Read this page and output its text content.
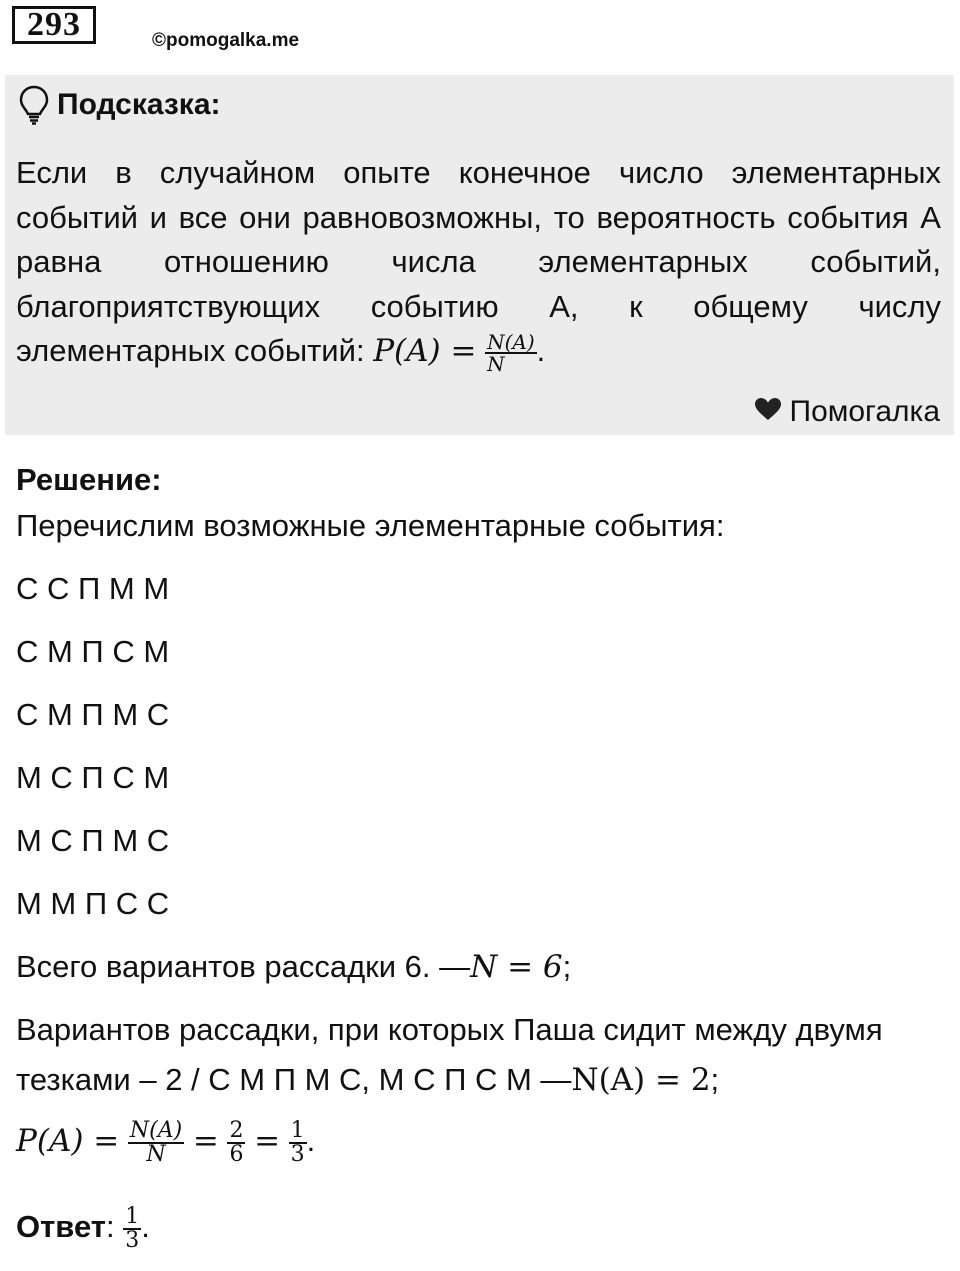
293	©pomogalka.me
Подсказка:
Если в случайном опыте конечное число элементарных событий и все они равновозможны, то вероятность события А равна отношению числа элементарных событий, благоприятствующих событию А, к общему числу элементарных событий: $P(A) = \frac{N(A)}{N}$ .
Помогалка
Решение:
Перечислим возможные элементарные события:
С С П М М
С М П С М
С М П М С
М С П С М
М С П М С
М М П С С
Всего вариантов рассадки 6. —N = 6;
Вариантов рассадки, при которых Паша сидит между двумя
тезками – 2 / С М П М С, М С П С М —N(A) = 2;
$P(A) = \frac{N(A)}{N} = \frac{2}{6} = \frac{1}{3}$ .
Ответ: $\frac{1}{3}$ .
